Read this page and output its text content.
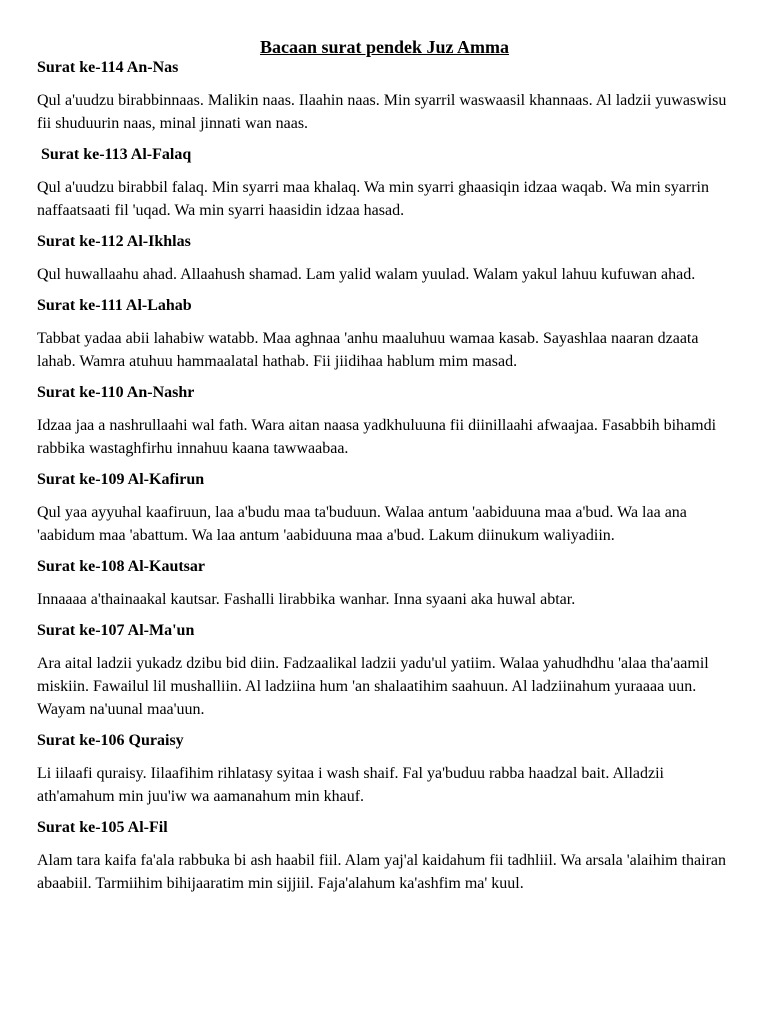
Bacaan surat pendek Juz Amma
Surat ke-114 An-Nas
Qul a'uudzu birabbinnaas. Malikin naas. Ilaahin naas. Min syarril waswaasil khannaas. Al ladzii yuwaswisu fii shuduurin naas, minal jinnati wan naas.
Surat ke-113 Al-Falaq
Qul a'uudzu birabbil falaq. Min syarri maa khalaq. Wa min syarri ghaasiqin idzaa waqab. Wa min syarrin naffaatsaati fil 'uqad. Wa min syarri haasidin idzaa hasad.
Surat ke-112 Al-Ikhlas
Qul huwallaahu ahad. Allaahush shamad. Lam yalid walam yuulad. Walam yakul lahuu kufuwan ahad.
Surat ke-111 Al-Lahab
Tabbat yadaa abii lahabiw watabb. Maa aghnaa 'anhu maaluhuu wamaa kasab. Sayashlaa naaran dzaata lahab. Wamra atuhuu hammaalatal hathab. Fii jiidihaa hablum mim masad.
Surat ke-110 An-Nashr
Idzaa jaa a nashrullaahi wal fath. Wara aitan naasa yadkhuluuna fii diinillaahi afwaajaa. Fasabbih bihamdi rabbika wastaghfirhu innahuu kaana tawwaabaa.
Surat ke-109 Al-Kafirun
Qul yaa ayyuhal kaafiruun, laa a'budu maa ta'buduun. Walaa antum 'aabiduuna maa a'bud. Wa laa ana 'aabidum maa 'abattum. Wa laa antum 'aabiduuna maa a'bud. Lakum diinukum waliyadiin.
Surat ke-108 Al-Kautsar
Innaaaa a'thainaakal kautsar. Fashalli lirabbika wanhar. Inna syaani aka huwal abtar.
Surat ke-107 Al-Ma'un
Ara aital ladzii yukadz dzibu bid diin. Fadzaalikal ladzii yadu'ul yatiim. Walaa yahudhdhu 'alaa tha'aamil miskiin. Fawailul lil mushalliin. Al ladziina hum 'an shalaatihim saahuun. Al ladziinahum yuraaaa uun. Wayam na'uunal maa'uun.
Surat ke-106 Quraisy
Li iilaafi quraisy. Iilaafihim rihlatasy syitaa i wash shaif. Fal ya'buduu rabba haadzal bait. Alladzii ath'amahum min juu'iw wa aamanahum min khauf.
Surat ke-105 Al-Fil
Alam tara kaifa fa'ala rabbuka bi ash haabil fiil. Alam yaj'al kaidahum fii tadhliil. Wa arsala 'alaihim thairan abaabiil. Tarmiihim bihijaaratim min sijjiil. Faja'alahum ka'ashfim ma' kuul.
